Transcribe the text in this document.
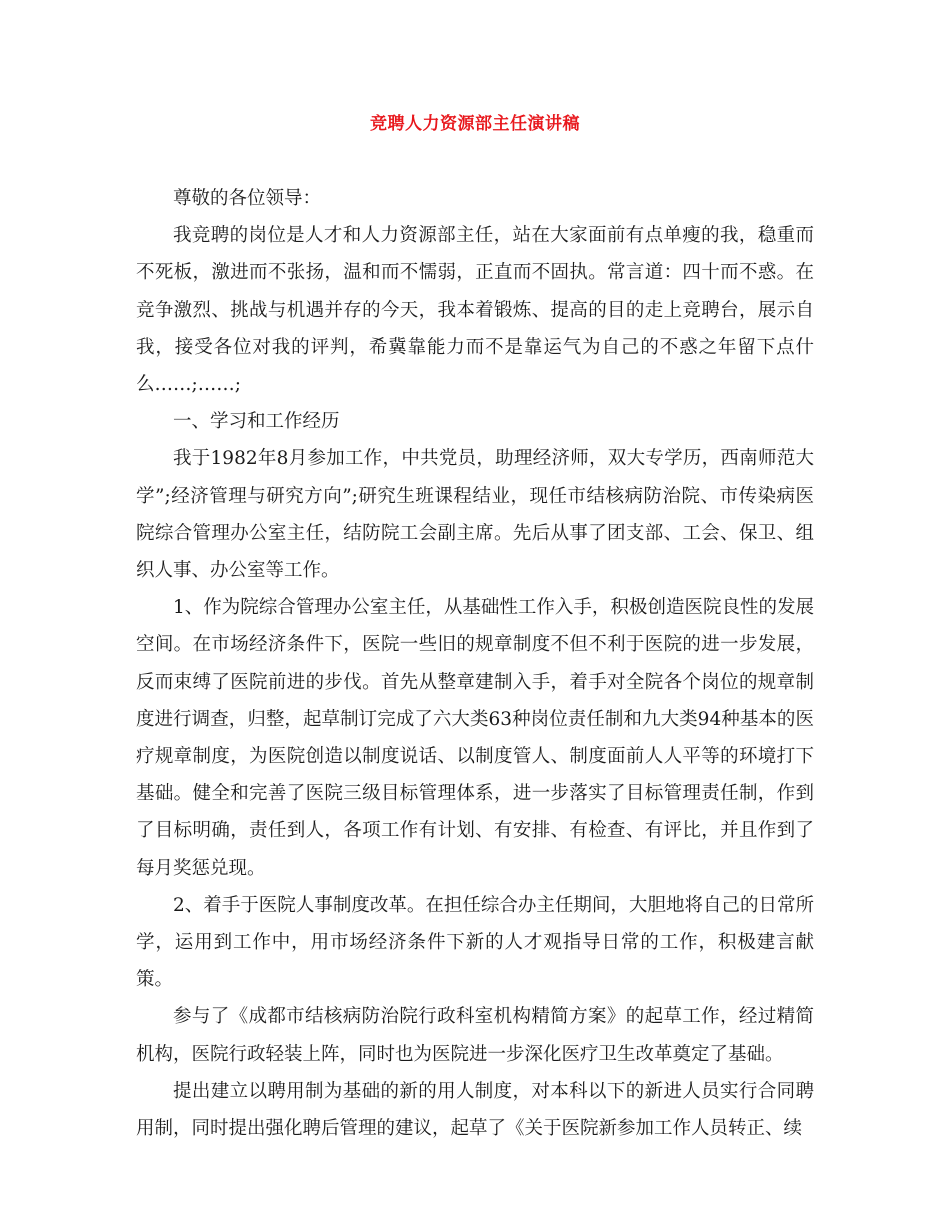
竞聘人力资源部主任演讲稿

尊敬的各位领导：

我竞聘的岗位是人才和人力资源部主任，站在大家面前有点单瘦的我，稳重而不死板，激进而不张扬，温和而不懦弱，正直而不固执。常言道：四十而不惑。在竞争激烈、挑战与机遇并存的今天，我本着锻炼、提高的目的走上竞聘台，展示自我，接受各位对我的评判，希冀靠能力而不是靠运气为自己的不惑之年留下点什么……;……;

一、学习和工作经历

我于1982年8月参加工作，中共党员，助理经济师，双大专学历，西南师范大学”;经济管理与研究方向”;研究生班课程结业，现任市结核病防治院、市传染病医院综合管理办公室主任，结防院工会副主席。先后从事了团支部、工会、保卫、组织人事、办公室等工作。

1、作为院综合管理办公室主任，从基础性工作入手，积极创造医院良性的发展空间。在市场经济条件下，医院一些旧的规章制度不但不利于医院的进一步发展，反而束缚了医院前进的步伐。首先从整章建制入手，着手对全院各个岗位的规章制度进行调查，归整，起草制订完成了六大类63种岗位责任制和九大类94种基本的医疗规章制度，为医院创造以制度说话、以制度管人、制度面前人人平等的环境打下基础。健全和完善了医院三级目标管理体系，进一步落实了目标管理责任制，作到了目标明确，责任到人，各项工作有计划、有安排、有检查、有评比，并且作到了每月奖惩兑现。

2、着手于医院人事制度改革。在担任综合办主任期间，大胆地将自己的日常所学，运用到工作中，用市场经济条件下新的人才观指导日常的工作，积极建言献策。

参与了《成都市结核病防治院行政科室机构精简方案》的起草工作，经过精简机构，医院行政轻装上阵，同时也为医院进一步深化医疗卫生改革奠定了基础。

提出建立以聘用制为基础的新的用人制度，对本科以下的新进人员实行合同聘用制，同时提出强化聘后管理的建议，起草了《关于医院新参加工作人员转正、续
